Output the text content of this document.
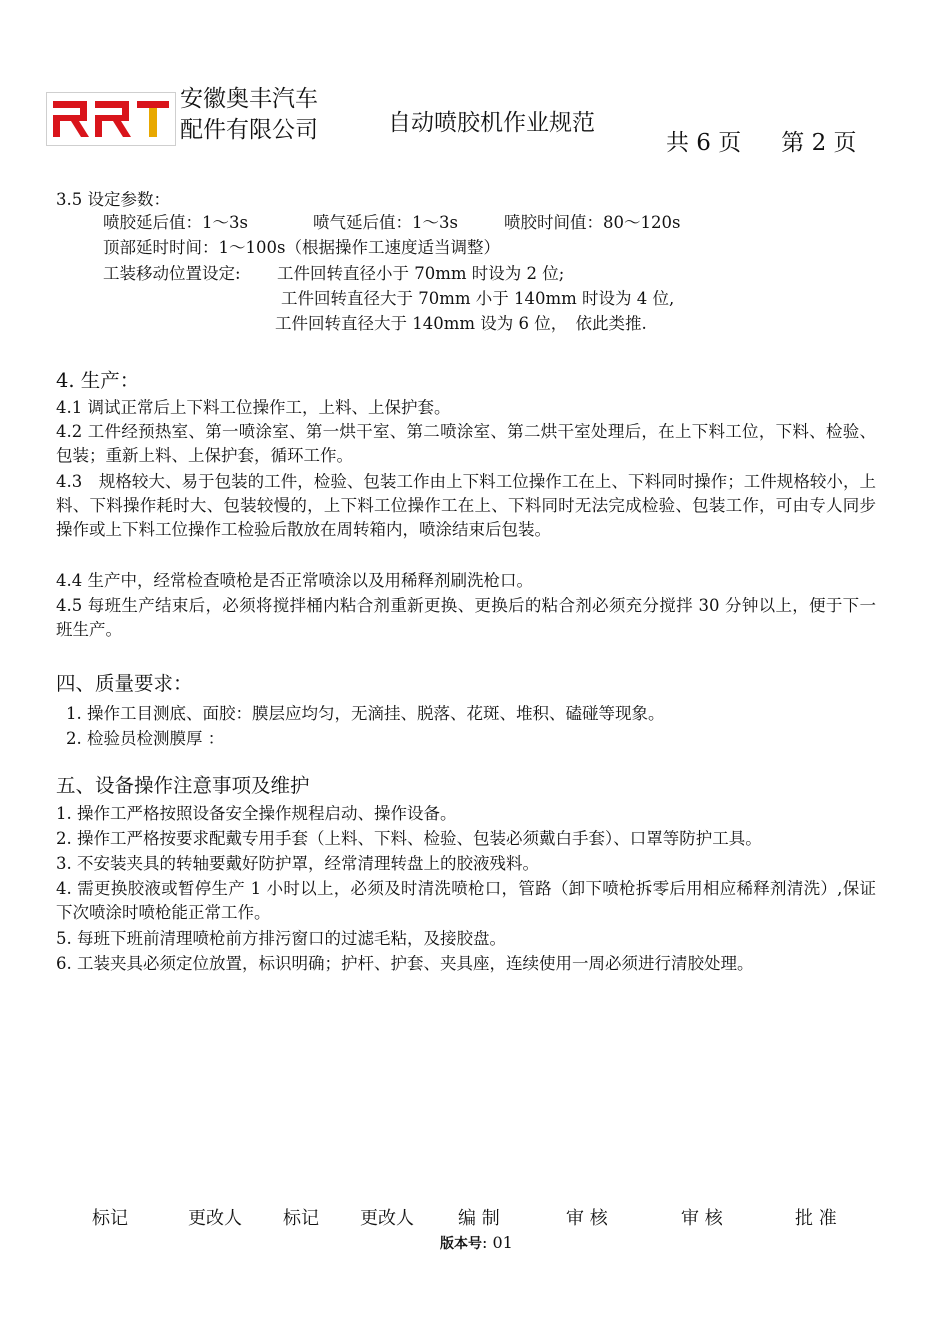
安徽奥丰汽车
配件有限公司	自动喷胶机作业规范
共 6 页 第 2 页
3.5 设定参数：
喷胶延后值：1～3s	喷气延后值：1～3s	喷胶时间值：80～120s
顶部延时时间：1～100s（根据操作工速度适当调整）
工装移动位置设定: 工件回转直径小于 70mm 时设为 2 位;
工件回转直径大于 70mm 小于 140mm 时设为 4 位,
工件回转直径大于 140mm 设为 6 位，　依此类推.
4. 生产：
4.1 调试正常后上下料工位操作工，上料、上保护套。
4.2 工件经预热室、第一喷涂室、第一烘干室、第二喷涂室、第二烘干室处理后，在上下料工位，下料、检验、包装；重新上料、上保护套，循环工作。
4.3　规格较大、易于包装的工件，检验、包装工作由上下料工位操作工在上、下料同时操作；工件规格较小，上料、下料操作耗时大、包装较慢的，上下料工位操作工在上、下料同时无法完成检验、包装工作，可由专人同步操作或上下料工位操作工检验后散放在周转箱内，喷涂结束后包装。
4.4 生产中，经常检查喷枪是否正常喷涂以及用稀释剂刷洗枪口。
4.5 每班生产结束后，必须将搅拌桶内粘合剂重新更换、更换后的粘合剂必须充分搅拌 30 分钟以上，便于下一班生产。
四、质量要求：
1. 操作工目测底、面胶：膜层应均匀，无滴挂、脱落、花斑、堆积、磕碰等现象。
2. 检验员检测膜厚 ：
五、设备操作注意事项及维护
1. 操作工严格按照设备安全操作规程启动、操作设备。
2. 操作工严格按要求配戴专用手套（上料、下料、检验、包装必须戴白手套）、口罩等防护工具。
3. 不安装夹具的转轴要戴好防护罩，经常清理转盘上的胶液残料。
4. 需更换胶液或暂停生产 1 小时以上，必须及时清洗喷枪口，管路（卸下喷枪拆零后用相应稀释剂清洗）,保证下次喷涂时喷枪能正常工作。
5. 每班下班前清理喷枪前方排污窗口的过滤毛粘，及接胶盘。
6. 工装夹具必须定位放置，标识明确；护杆、护套、夹具座，连续使用一周必须进行清胶处理。
标记	更改人 标记 更改人 编 制	审 核	审 核	批 准
版本号: 01
